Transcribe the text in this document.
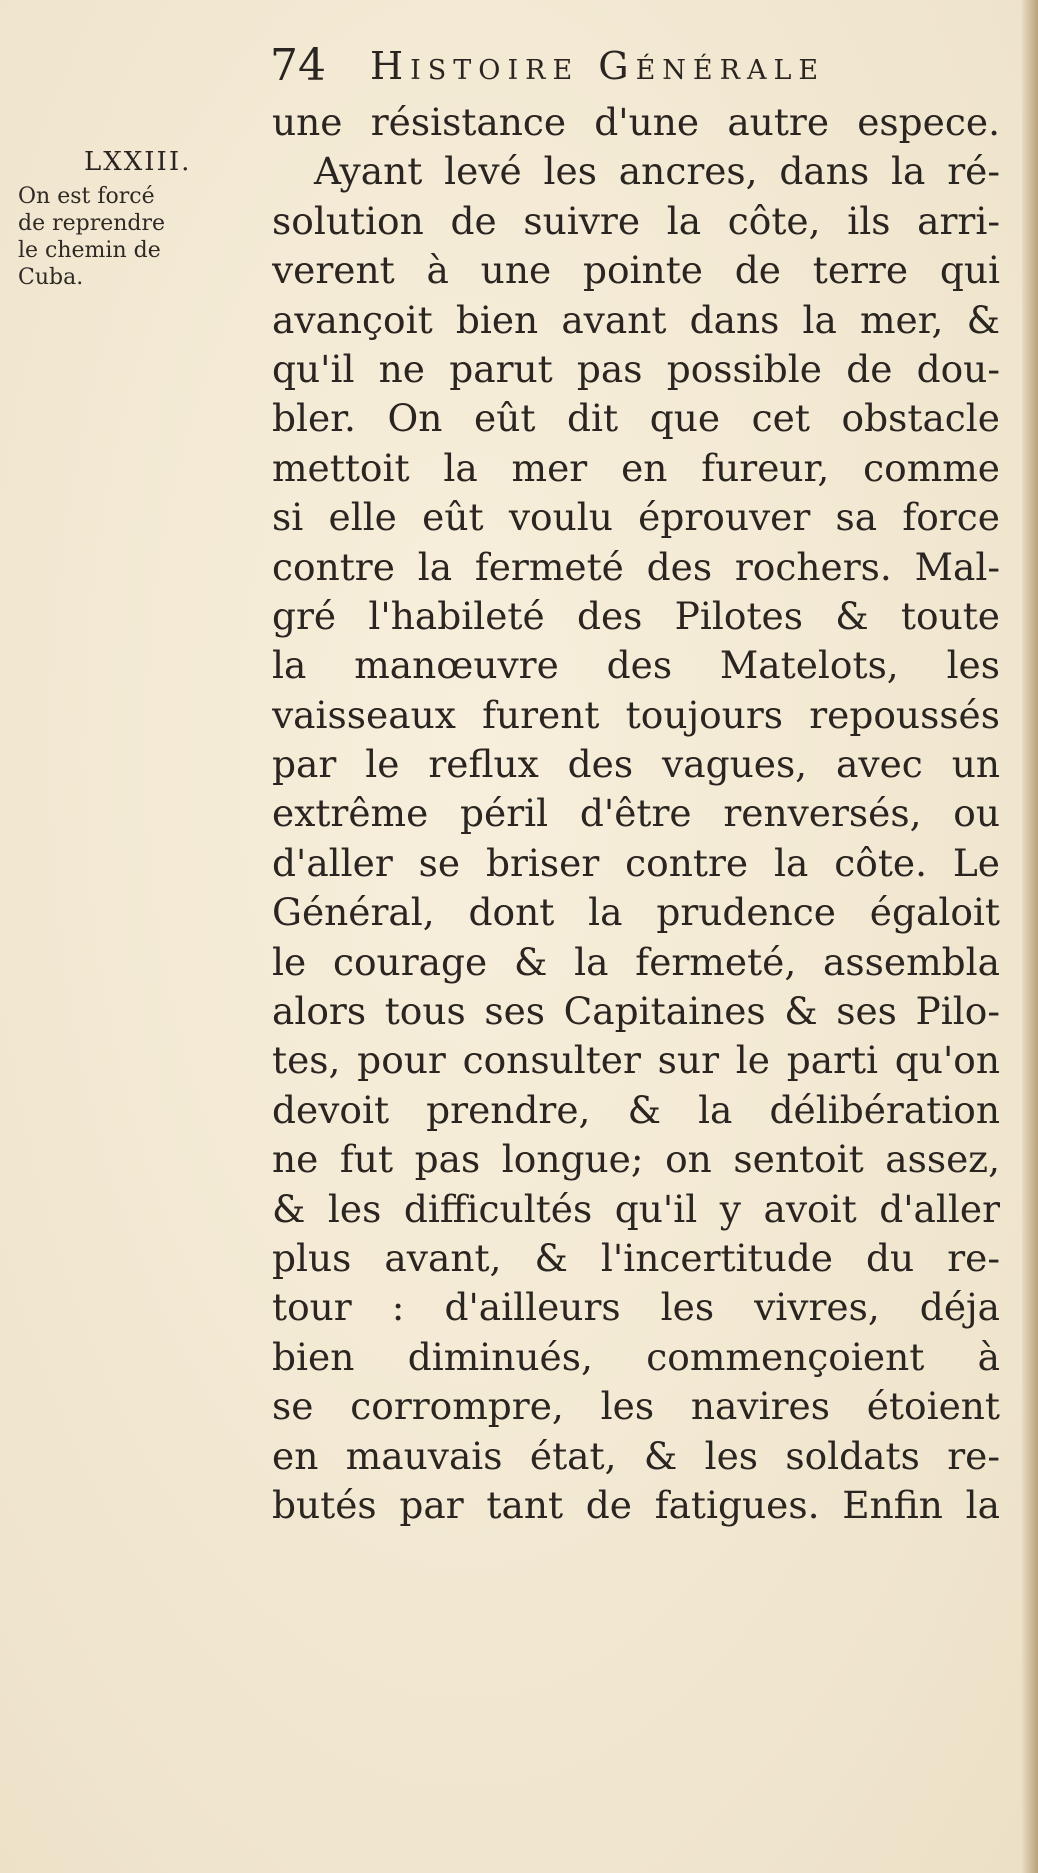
74 Histoire Générale
LXXIII.
On est forcé
de reprendre
le chemin de
Cuba.
une résistance d'une autre espece.
Ayant levé les ancres, dans la ré-
solution de suivre la côte, ils arri-
verent à une pointe de terre qui
avançoit bien avant dans la mer, &
qu'il ne parut pas possible de dou-
bler. On eût dit que cet obstacle
mettoit la mer en fureur, comme
si elle eût voulu éprouver sa force
contre la fermeté des rochers. Mal-
gré l'habileté des Pilotes & toute
la manœuvre des Matelots, les
vaisseaux furent toujours repoussés
par le reflux des vagues, avec un
extrême péril d'être renversés, ou
d'aller se briser contre la côte. Le
Général, dont la prudence égaloit
le courage & la fermeté, assembla
alors tous ses Capitaines & ses Pilo-
tes, pour consulter sur le parti qu'on
devoit prendre, & la délibération
ne fut pas longue; on sentoit assez,
& les difficultés qu'il y avoit d'aller
plus avant, & l'incertitude du re-
tour : d'ailleurs les vivres, déja
bien diminués, commençoient à
se corrompre, les navires étoient
en mauvais état, & les soldats re-
butés par tant de fatigues. Enfin la
